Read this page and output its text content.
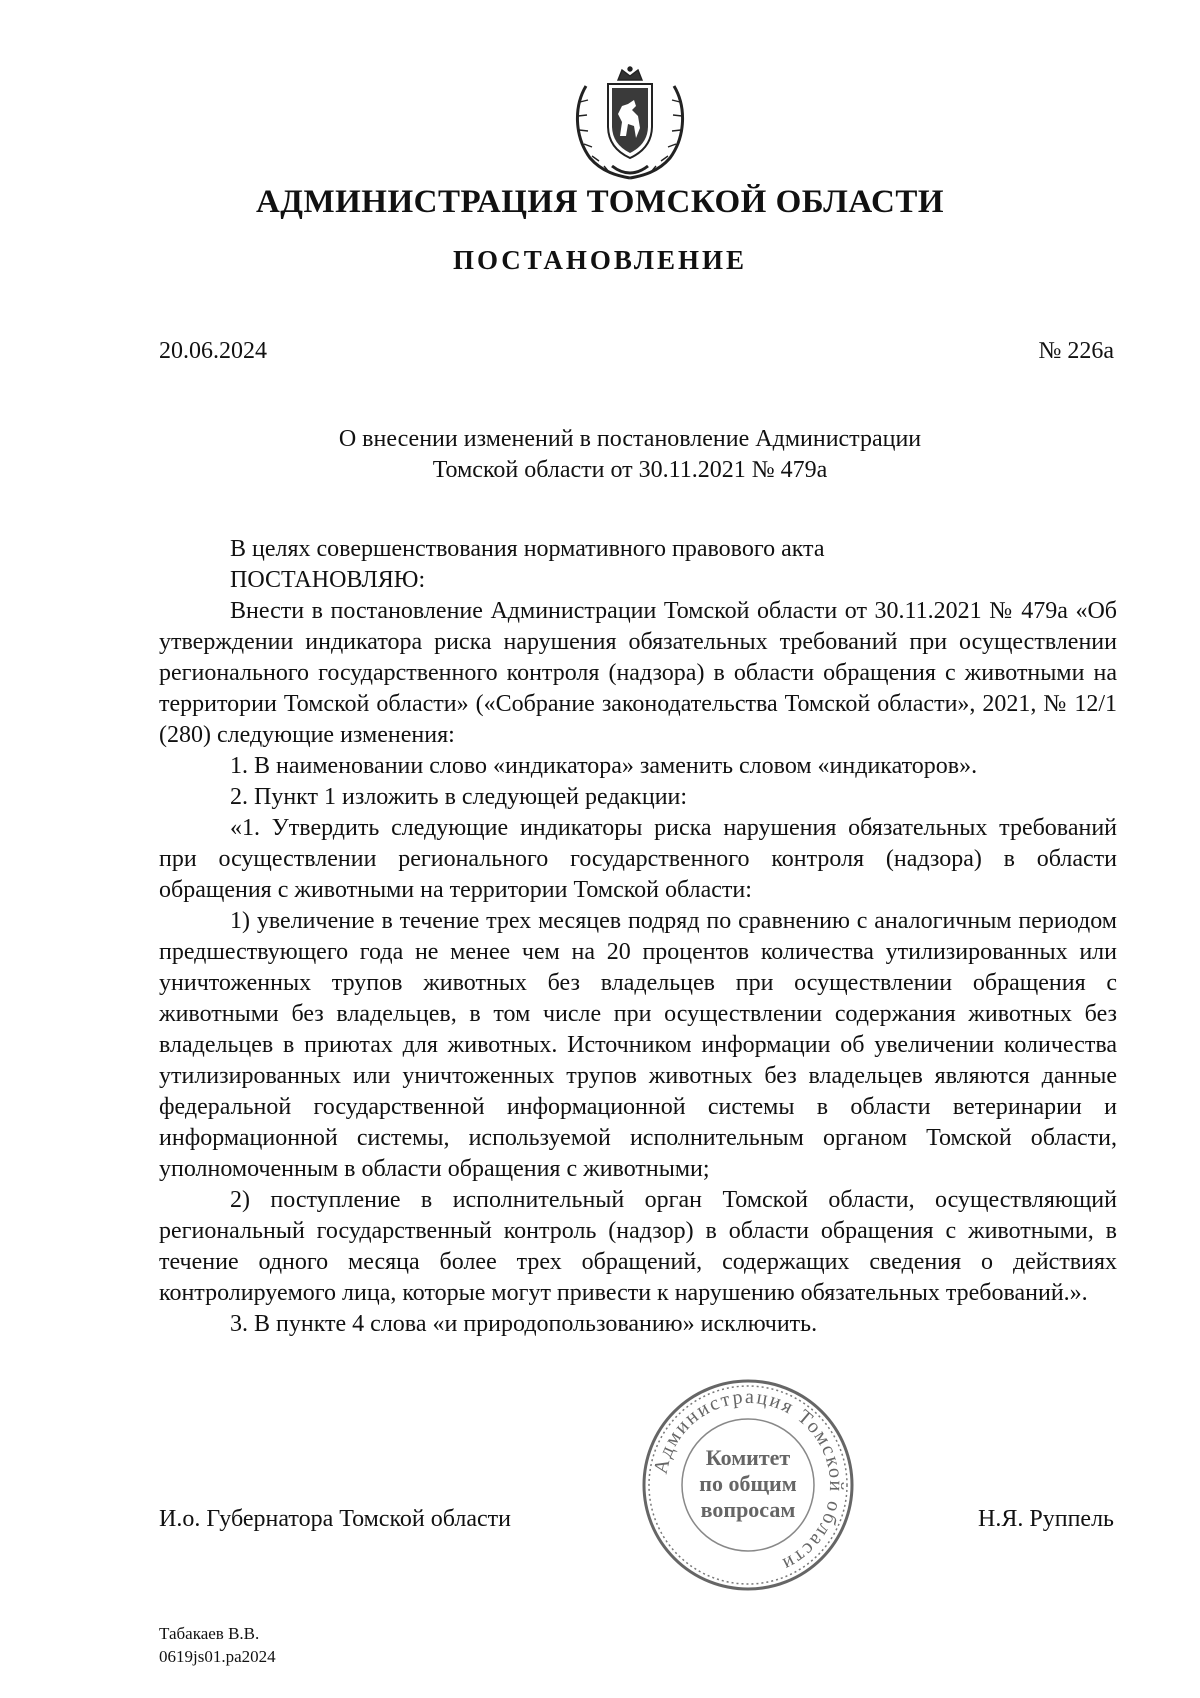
АДМИНИСТРАЦИЯ ТОМСКОЙ ОБЛАСТИ
ПОСТАНОВЛЕНИЕ
20.06.2024	№ 226а
О внесении изменений в постановление Администрации
Томской области от 30.11.2021 № 479а

В целях совершенствования нормативного правового акта

ПОСТАНОВЛЯЮ:

Внести в постановление Администрации Томской области от 30.11.2021 № 479а «Об утверждении индикатора риска нарушения обязательных требований при осуществлении регионального государственного контроля (надзора) в области обращения с животными на территории Томской области» («Собрание законодательства Томской области», 2021, № 12/1 (280) следующие изменения:

1. В наименовании слово «индикатора» заменить словом «индикаторов».

2. Пункт 1 изложить в следующей редакции:

«1. Утвердить следующие индикаторы риска нарушения обязательных требований при осуществлении регионального государственного контроля (надзора) в области обращения с животными на территории Томской области:

1) увеличение в течение трех месяцев подряд по сравнению с аналогичным периодом предшествующего года не менее чем на 20 процентов количества утилизированных или уничтоженных трупов животных без владельцев при осуществлении обращения с животными без владельцев, в том числе при осуществлении содержания животных без владельцев в приютах для животных. Источником информации об увеличении количества утилизированных или уничтоженных трупов животных без владельцев являются данные федеральной государственной информационной системы в области ветеринарии и информационной системы, используемой исполнительным органом Томской области, уполномоченным в области обращения с животными;

2) поступление в исполнительный орган Томской области, осуществляющий региональный государственный контроль (надзор) в области обращения с животными, в течение одного месяца более трех обращений, содержащих сведения о действиях контролируемого лица, которые могут привести к нарушению обязательных требований.».

3. В пункте 4 слова «и природопользованию» исключить.

И.о. Губернатора Томской области	Н.Я. Руппель
Администрация Томской области
Комитет
по общим
вопросам
Табакаев В.В.
0619js01.ра2024
